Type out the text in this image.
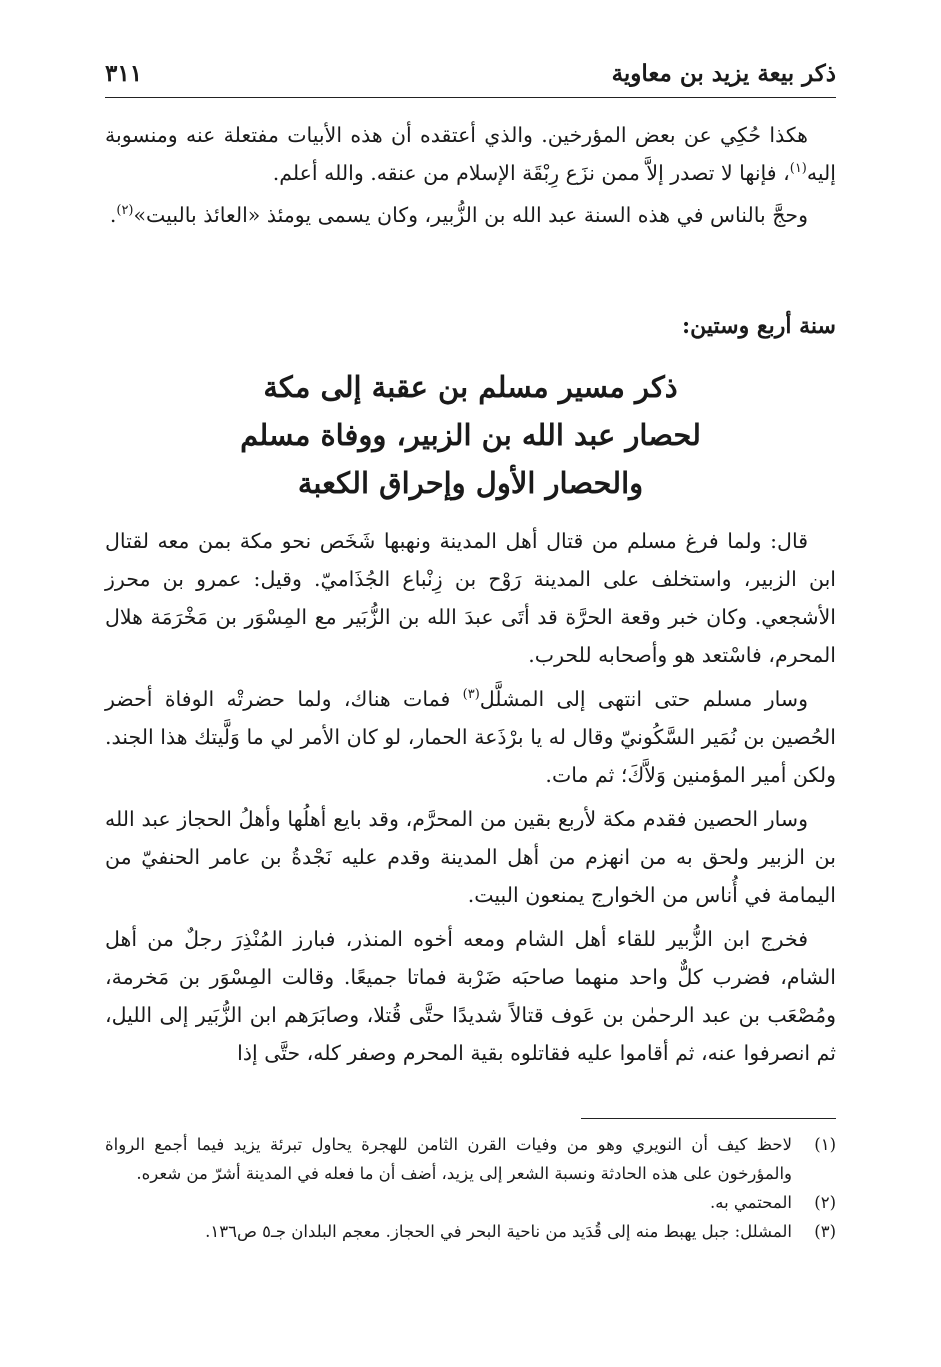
ذكر بيعة يزيد بن معاوية
٣١١

هكذا حُكِي عن بعض المؤرخين. والذي أعتقده أن هذه الأبيات مفتعلة عنه ومنسوبة إليه$^{(١)}$، فإنها لا تصدر إلاَّ ممن نزَع رِبْقَة الإسلام من عنقه. والله أعلم.

وحجَّ بالناس في هذه السنة عبد الله بن الزُّبير، وكان يسمى يومئذ «العائذ بالبيت»$^{(٢)}$.

سنة أربع وستين:
ذكر مسير مسلم بن عقبة إلى مكة
لحصار عبد الله بن الزبير، ووفاة مسلم
والحصار الأول وإحراق الكعبة

قال: ولما فرغ مسلم من قتال أهل المدينة ونهبها شَخَص نحو مكة بمن معه لقتال ابن الزبير، واستخلف على المدينة رَوْح بن زِنْباع الجُذَاميّ. وقيل: عمرو بن محرز الأشجعي. وكان خبر وقعة الحرَّة قد أتَى عبدَ الله بن الزُّبَير مع المِسْوَر بن مَخْرَمَة هلال المحرم، فاسْتعد هو وأصحابه للحرب.

وسار مسلم حتى انتهى إلى المشلَّل$^{(٣)}$ فمات هناك، ولما حضرتْه الوفاة أحضر الحُصين بن نُمَير السَّكُونيّ وقال له يا برْذَعة الحمار، لو كان الأمر لي ما وَلَّيتك هذا الجند. ولكن أمير المؤمنين وَلاَّكَ؛ ثم مات.

وسار الحصين فقدم مكة لأربع بقين من المحرَّم، وقد بايع أهلُها وأهلُ الحجاز عبد الله بن الزبير ولحق به من انهزم من أهل المدينة وقدم عليه نَجْدةُ بن عامر الحنفيّ من اليمامة في أُناس من الخوارج يمنعون البيت.

فخرج ابن الزُّبير للقاء أهل الشام ومعه أخوه المنذر، فبارز المُنْذِرَ رجلٌ من أهل الشام، فضرب كلٌّ واحد منهما صاحبَه ضَرْبة فماتا جميعًا. وقالت المِسْوَر بن مَخرمة، ومُصْعَب بن عبد الرحمٰن بن عَوف قتالاً شديدًا حتَّى قُتلا، وصابَرَهم ابن الزُّبَير إلى الليل، ثم انصرفوا عنه، ثم أقاموا عليه فقاتلوه بقية المحرم وصفر كله، حتَّى إذا

(١)
لاحظ كيف أن النويري وهو من وفيات القرن الثامن للهجرة يحاول تبرئة يزيد فيما أجمع الرواة والمؤرخون على هذه الحادثة ونسبة الشعر إلى يزيد، أضف أن ما فعله في المدينة أشرّ من شعره.
(٢)
المحتمي به.
(٣)
المشلل: جبل يهبط منه إلى قُدَيد من ناحية البحر في الحجاز. معجم البلدان جـ٥ ص١٣٦.
